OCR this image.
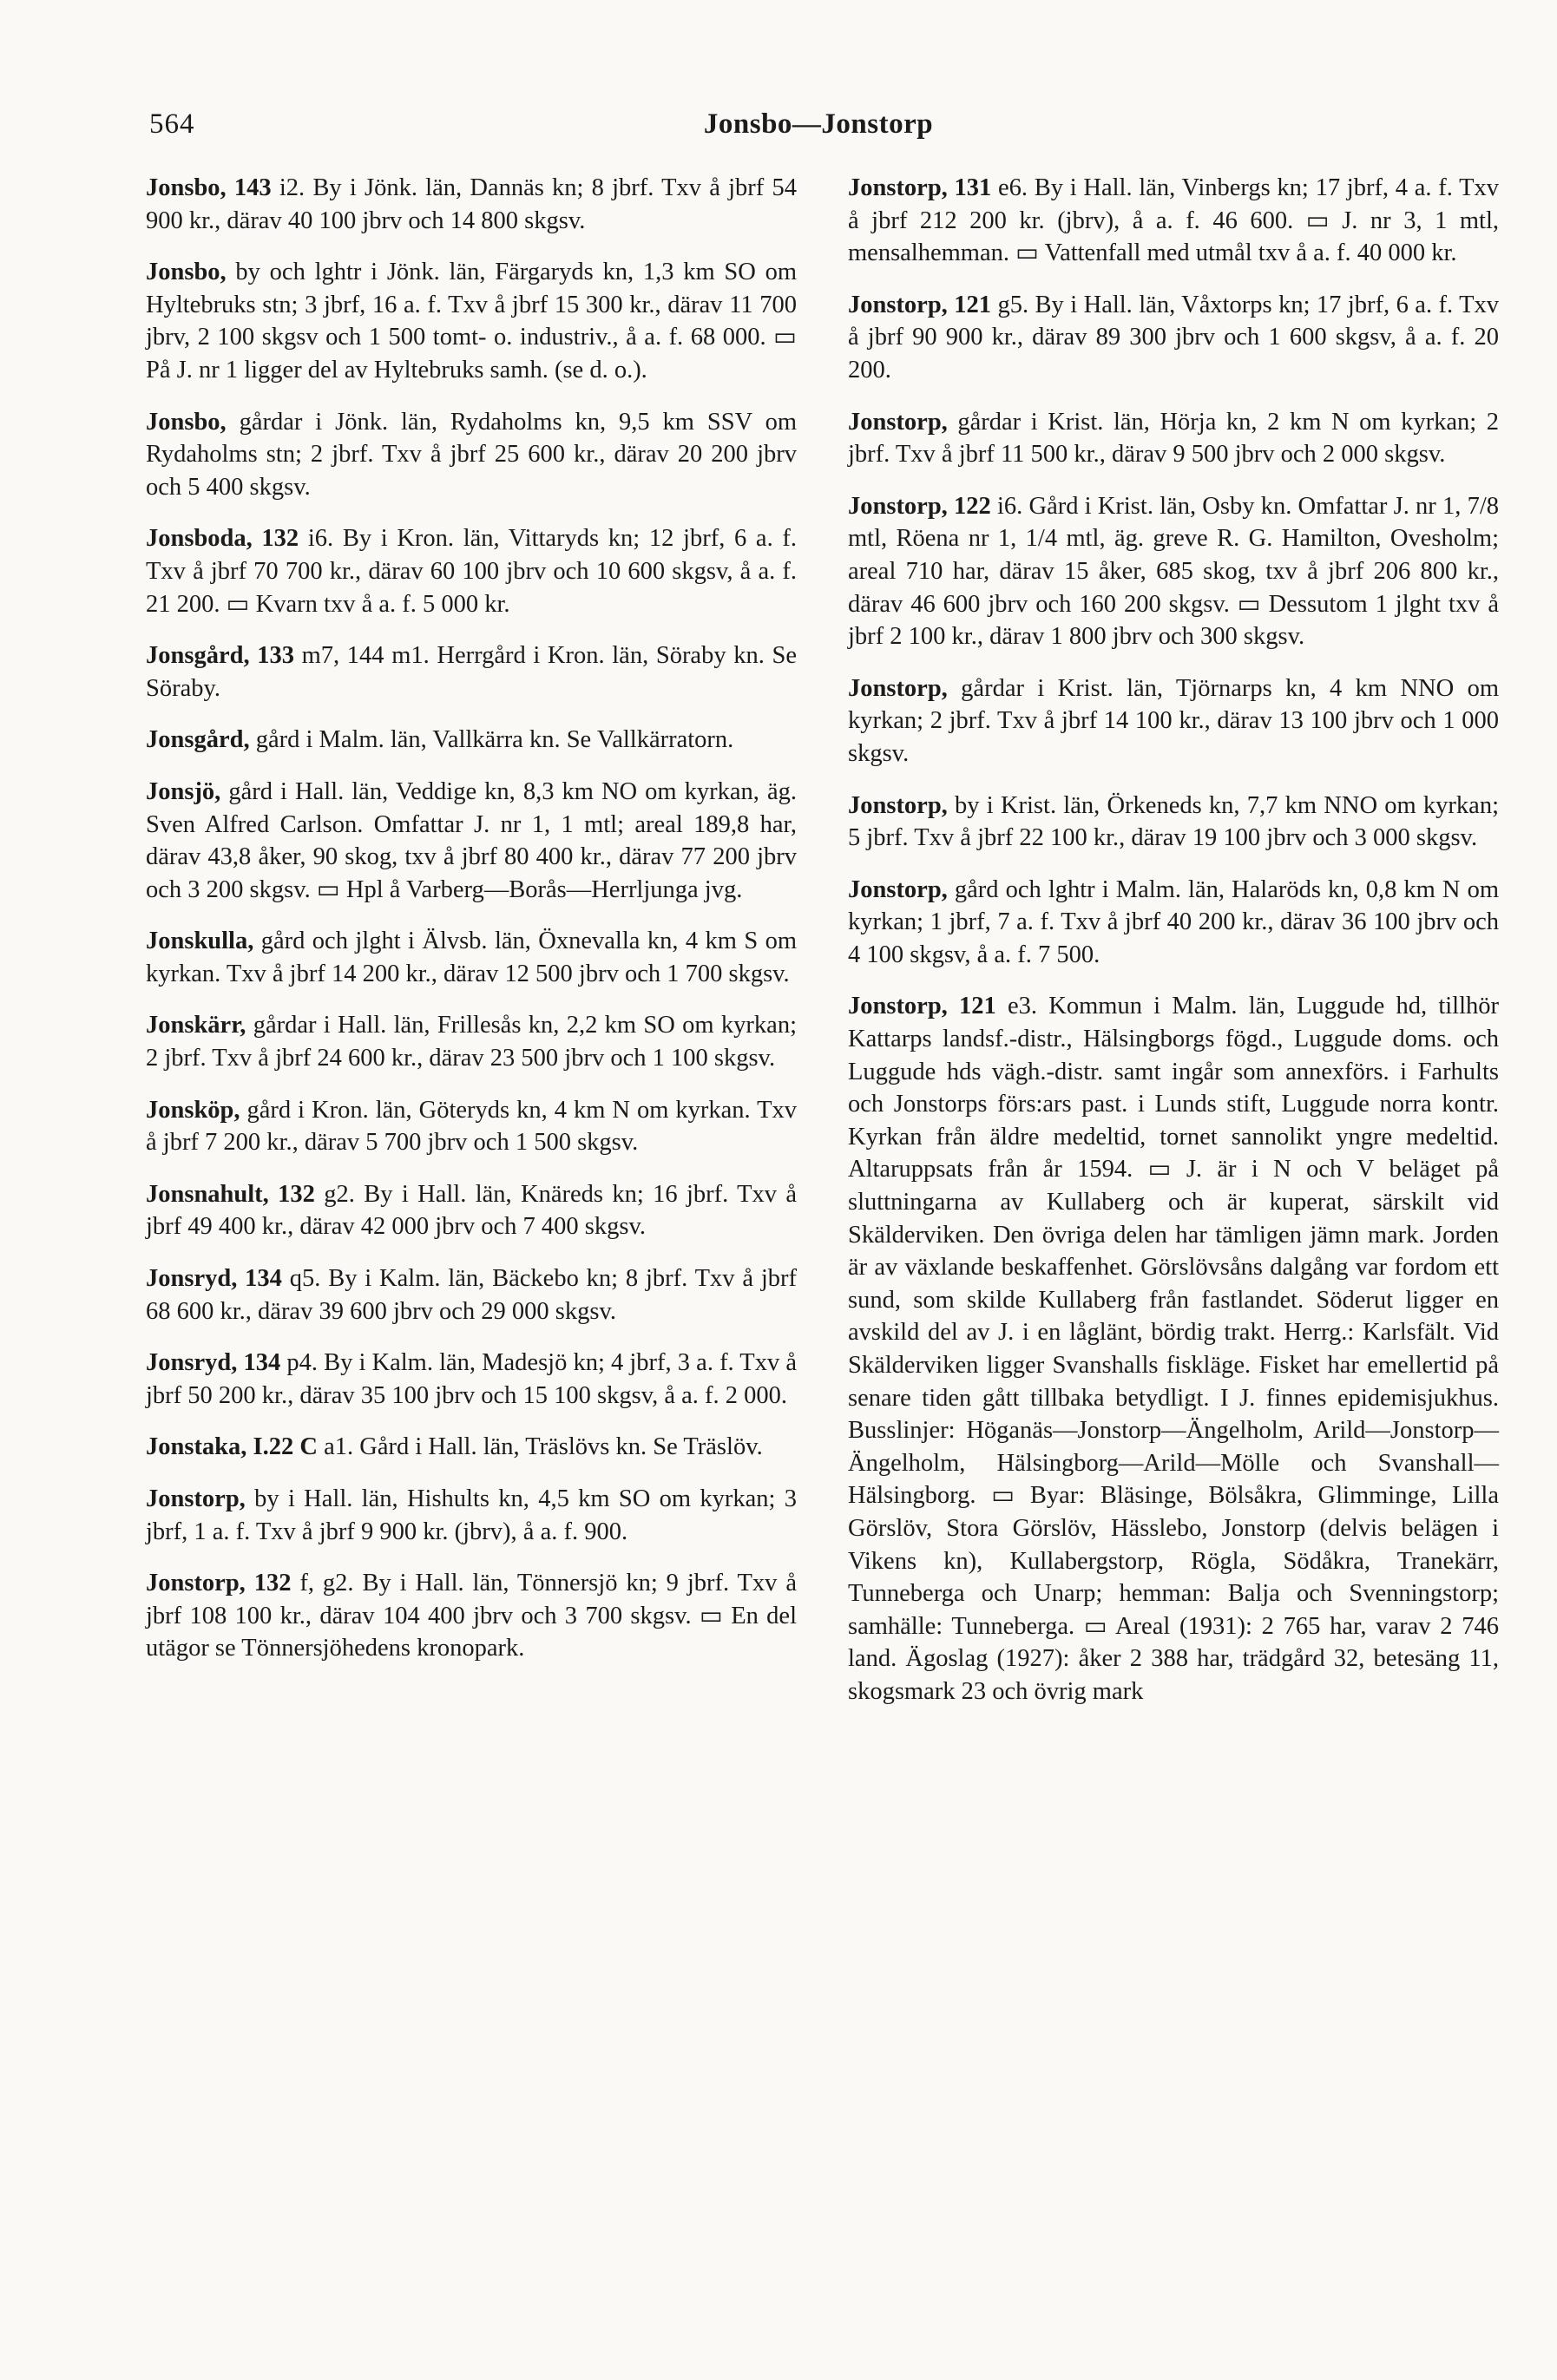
564	Jonsbo—Jonstorp

Jonsbo, 143 i2. By i Jönk. län, Dannäs kn; 8 jbrf. Txv å jbrf 54 900 kr., därav 40 100 jbrv och 14 800 skgsv.

Jonsbo, by och lghtr i Jönk. län, Färgaryds kn, 1,3 km SO om Hyltebruks stn; 3 jbrf, 16 a. f. Txv å jbrf 15 300 kr., därav 11 700 jbrv, 2 100 skgsv och 1 500 tomt- o. industriv., å a. f. 68 000. ▭ På J. nr 1 ligger del av Hyltebruks samh. (se d. o.).

Jonsbo, gårdar i Jönk. län, Rydaholms kn, 9,5 km SSV om Rydaholms stn; 2 jbrf. Txv å jbrf 25 600 kr., därav 20 200 jbrv och 5 400 skgsv.

Jonsboda, 132 i6. By i Kron. län, Vittaryds kn; 12 jbrf, 6 a. f. Txv å jbrf 70 700 kr., därav 60 100 jbrv och 10 600 skgsv, å a. f. 21 200. ▭ Kvarn txv å a. f. 5 000 kr.

Jonsgård, 133 m7, 144 m1. Herrgård i Kron. län, Söraby kn. Se Söraby.

Jonsgård, gård i Malm. län, Vallkärra kn. Se Vallkärratorn.

Jonsjö, gård i Hall. län, Veddige kn, 8,3 km NO om kyrkan, äg. Sven Alfred Carlson. Omfattar J. nr 1, 1 mtl; areal 189,8 har, därav 43,8 åker, 90 skog, txv å jbrf 80 400 kr., därav 77 200 jbrv och 3 200 skgsv. ▭ Hpl å Varberg—Borås—Herrljunga jvg.

Jonskulla, gård och jlght i Älvsb. län, Öxnevalla kn, 4 km S om kyrkan. Txv å jbrf 14 200 kr., därav 12 500 jbrv och 1 700 skgsv.

Jonskärr, gårdar i Hall. län, Frillesås kn, 2,2 km SO om kyrkan; 2 jbrf. Txv å jbrf 24 600 kr., därav 23 500 jbrv och 1 100 skgsv.

Jonsköp, gård i Kron. län, Göteryds kn, 4 km N om kyrkan. Txv å jbrf 7 200 kr., därav 5 700 jbrv och 1 500 skgsv.

Jonsnahult, 132 g2. By i Hall. län, Knäreds kn; 16 jbrf. Txv å jbrf 49 400 kr., därav 42 000 jbrv och 7 400 skgsv.

Jonsryd, 134 q5. By i Kalm. län, Bäckebo kn; 8 jbrf. Txv å jbrf 68 600 kr., därav 39 600 jbrv och 29 000 skgsv.

Jonsryd, 134 p4. By i Kalm. län, Madesjö kn; 4 jbrf, 3 a. f. Txv å jbrf 50 200 kr., därav 35 100 jbrv och 15 100 skgsv, å a. f. 2 000.

Jonstaka, I.22 C a1. Gård i Hall. län, Träslövs kn. Se Träslöv.

Jonstorp, by i Hall. län, Hishults kn, 4,5 km SO om kyrkan; 3 jbrf, 1 a. f. Txv å jbrf 9 900 kr. (jbrv), å a. f. 900.

Jonstorp, 132 f, g2. By i Hall. län, Tönnersjö kn; 9 jbrf. Txv å jbrf 108 100 kr., därav 104 400 jbrv och 3 700 skgsv. ▭ En del utägor se Tönnersjöhedens kronopark.

Jonstorp, 131 e6. By i Hall. län, Vinbergs kn; 17 jbrf, 4 a. f. Txv å jbrf 212 200 kr. (jbrv), å a. f. 46 600. ▭ J. nr 3, 1 mtl, mensalhemman. ▭ Vattenfall med utmål txv å a. f. 40 000 kr.

Jonstorp, 121 g5. By i Hall. län, Våxtorps kn; 17 jbrf, 6 a. f. Txv å jbrf 90 900 kr., därav 89 300 jbrv och 1 600 skgsv, å a. f. 20 200.

Jonstorp, gårdar i Krist. län, Hörja kn, 2 km N om kyrkan; 2 jbrf. Txv å jbrf 11 500 kr., därav 9 500 jbrv och 2 000 skgsv.

Jonstorp, 122 i6. Gård i Krist. län, Osby kn. Omfattar J. nr 1, 7/8 mtl, Röena nr 1, 1/4 mtl, äg. greve R. G. Hamilton, Ovesholm; areal 710 har, därav 15 åker, 685 skog, txv å jbrf 206 800 kr., därav 46 600 jbrv och 160 200 skgsv. ▭ Dessutom 1 jlght txv å jbrf 2 100 kr., därav 1 800 jbrv och 300 skgsv.

Jonstorp, gårdar i Krist. län, Tjörnarps kn, 4 km NNO om kyrkan; 2 jbrf. Txv å jbrf 14 100 kr., därav 13 100 jbrv och 1 000 skgsv.

Jonstorp, by i Krist. län, Örkeneds kn, 7,7 km NNO om kyrkan; 5 jbrf. Txv å jbrf 22 100 kr., därav 19 100 jbrv och 3 000 skgsv.

Jonstorp, gård och lghtr i Malm. län, Halaröds kn, 0,8 km N om kyrkan; 1 jbrf, 7 a. f. Txv å jbrf 40 200 kr., därav 36 100 jbrv och 4 100 skgsv, å a. f. 7 500.

Jonstorp, 121 e3. Kommun i Malm. län, Luggude hd, tillhör Kattarps landsf.-distr., Hälsingborgs fögd., Luggude doms. och Luggude hds vägh.-distr. samt ingår som annexförs. i Farhults och Jonstorps förs:ars past. i Lunds stift, Luggude norra kontr. Kyrkan från äldre medeltid, tornet sannolikt yngre medeltid. Altaruppsats från år 1594. ▭ J. är i N och V beläget på sluttningarna av Kullaberg och är kuperat, särskilt vid Skälderviken. Den övriga delen har tämligen jämn mark. Jorden är av växlande beskaffenhet. Görslövsåns dalgång var fordom ett sund, som skilde Kullaberg från fastlandet. Söderut ligger en avskild del av J. i en låglänt, bördig trakt. Herrg.: Karlsfält. Vid Skälderviken ligger Svanshalls fiskläge. Fisket har emellertid på senare tiden gått tillbaka betydligt. I J. finnes epidemisjukhus. Busslinjer: Höganäs—Jonstorp—Ängelholm, Arild—Jonstorp—Ängelholm, Hälsingborg—Arild—Mölle och Svanshall—Hälsingborg. ▭ Byar: Bläsinge, Bölsåkra, Glimminge, Lilla Görslöv, Stora Görslöv, Hässlebo, Jonstorp (delvis belägen i Vikens kn), Kullabergstorp, Rögla, Södåkra, Tranekärr, Tunneberga och Unarp; hemman: Balja och Svenningstorp; samhälle: Tunneberga. ▭ Areal (1931): 2 765 har, varav 2 746 land. Ägoslag (1927): åker 2 388 har, trädgård 32, betesäng 11, skogsmark 23 och övrig mark
